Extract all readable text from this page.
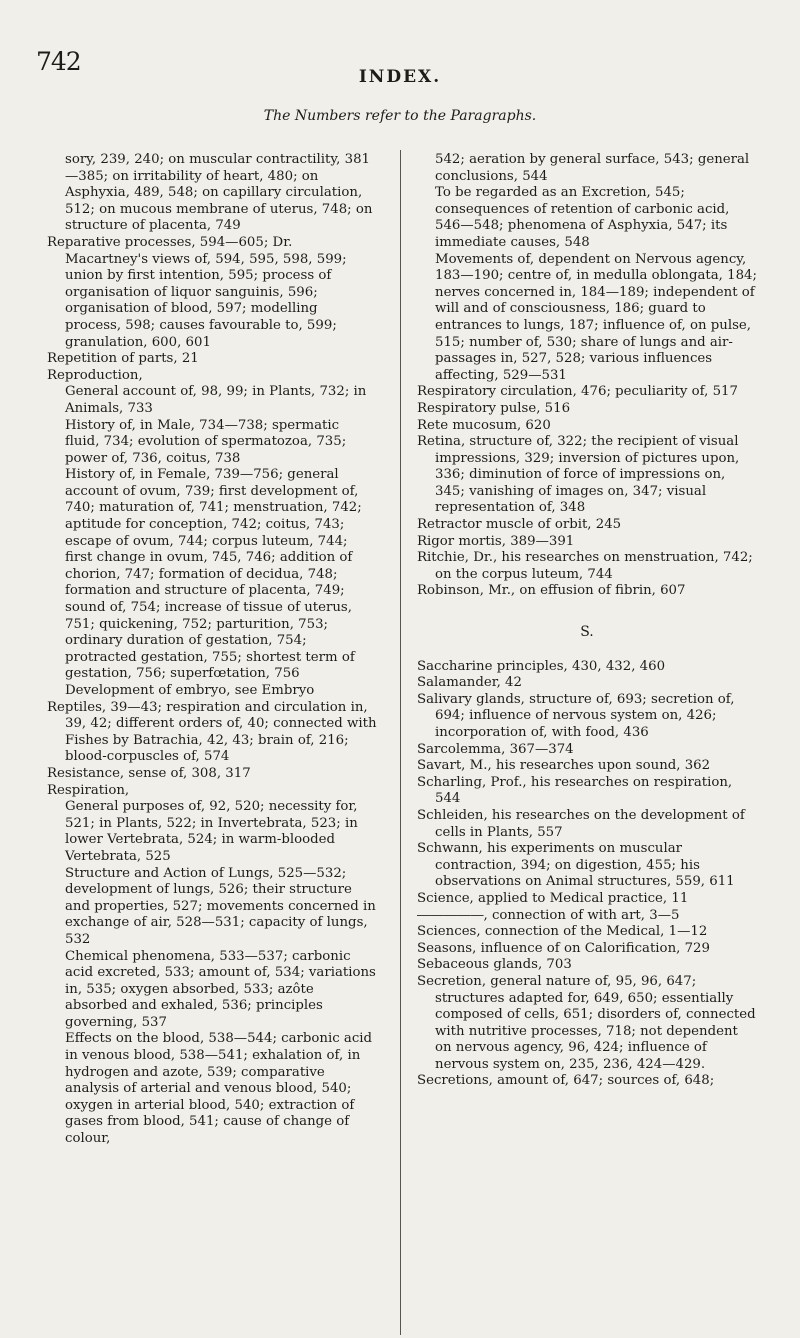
742
INDEX.
The Numbers refer to the Paragraphs.

sory, 239, 240; on muscular contractility, 381—385; on irritability of heart, 480; on Asphyxia, 489, 548; on capillary circulation, 512; on mucous membrane of uterus, 748; on structure of placenta, 749

Reparative processes, 594—605; Dr. Macartney's views of, 594, 595, 598, 599; union by first intention, 595; process of organisation of liquor sanguinis, 596; organisation of blood, 597; modelling process, 598; causes favourable to, 599; granulation, 600, 601

Repetition of parts, 21

Reproduction,

General account of, 98, 99; in Plants, 732; in Animals, 733

History of, in Male, 734—738; spermatic fluid, 734; evolution of spermatozoa, 735; power of, 736, coitus, 738

History of, in Female, 739—756; general account of ovum, 739; first development of, 740; maturation of, 741; menstruation, 742; aptitude for conception, 742; coitus, 743; escape of ovum, 744; corpus luteum, 744; first change in ovum, 745, 746; addition of chorion, 747; formation of decidua, 748; formation and structure of placenta, 749; sound of, 754; increase of tissue of uterus, 751; quickening, 752; parturition, 753; ordinary duration of gestation, 754; protracted gestation, 755; shortest term of gestation, 756; superfœtation, 756

Development of embryo, see Embryo

Reptiles, 39—43; respiration and circulation in, 39, 42; different orders of, 40; connected with Fishes by Batrachia, 42, 43; brain of, 216; blood-corpuscles of, 574

Resistance, sense of, 308, 317

Respiration,

General purposes of, 92, 520; necessity for, 521; in Plants, 522; in Invertebrata, 523; in lower Vertebrata, 524; in warm-blooded Vertebrata, 525

Structure and Action of Lungs, 525—532; development of lungs, 526; their structure and properties, 527; movements concerned in exchange of air, 528—531; capacity of lungs, 532

Chemical phenomena, 533—537; carbonic acid excreted, 533; amount of, 534; variations in, 535; oxygen absorbed, 533; azôte absorbed and exhaled, 536; principles governing, 537

Effects on the blood, 538—544; carbonic acid in venous blood, 538—541; exhalation of, in hydrogen and azote, 539; comparative analysis of arterial and venous blood, 540; oxygen in arterial blood, 540; extraction of gases from blood, 541; cause of change of colour,

542; aeration by general surface, 543; general conclusions, 544

To be regarded as an Excretion, 545; consequences of retention of carbonic acid, 546—548; phenomena of Asphyxia, 547; its immediate causes, 548

Movements of, dependent on Nervous agency, 183—190; centre of, in medulla oblongata, 184; nerves concerned in, 184—189; independent of will and of consciousness, 186; guard to entrances to lungs, 187; influence of, on pulse, 515; number of, 530; share of lungs and air-passages in, 527, 528; various influences affecting, 529—531

Respiratory circulation, 476; peculiarity of, 517

Respiratory pulse, 516

Rete mucosum, 620

Retina, structure of, 322; the recipient of visual impressions, 329; inversion of pictures upon, 336; diminution of force of impressions on, 345; vanishing of images on, 347; visual representation of, 348

Retractor muscle of orbit, 245

Rigor mortis, 389—391

Ritchie, Dr., his researches on menstruation, 742; on the corpus luteum, 744

Robinson, Mr., on effusion of fibrin, 607

S.

Saccharine principles, 430, 432, 460

Salamander, 42

Salivary glands, structure of, 693; secretion of, 694; influence of nervous system on, 426; incorporation of, with food, 436

Sarcolemma, 367—374

Savart, M., his researches upon sound, 362

Scharling, Prof., his researches on respiration, 544

Schleiden, his researches on the development of cells in Plants, 557

Schwann, his experiments on muscular contraction, 394; on digestion, 455; his observations on Animal structures, 559, 611

Science, applied to Medical practice, 11

―――――, connection of with art, 3—5

Sciences, connection of the Medical, 1—12

Seasons, influence of on Calorification, 729

Sebaceous glands, 703

Secretion, general nature of, 95, 96, 647; structures adapted for, 649, 650; essentially composed of cells, 651; disorders of, connected with nutritive processes, 718; not dependent on nervous agency, 96, 424; influence of nervous system on, 235, 236, 424—429.

Secretions, amount of, 647; sources of, 648;
